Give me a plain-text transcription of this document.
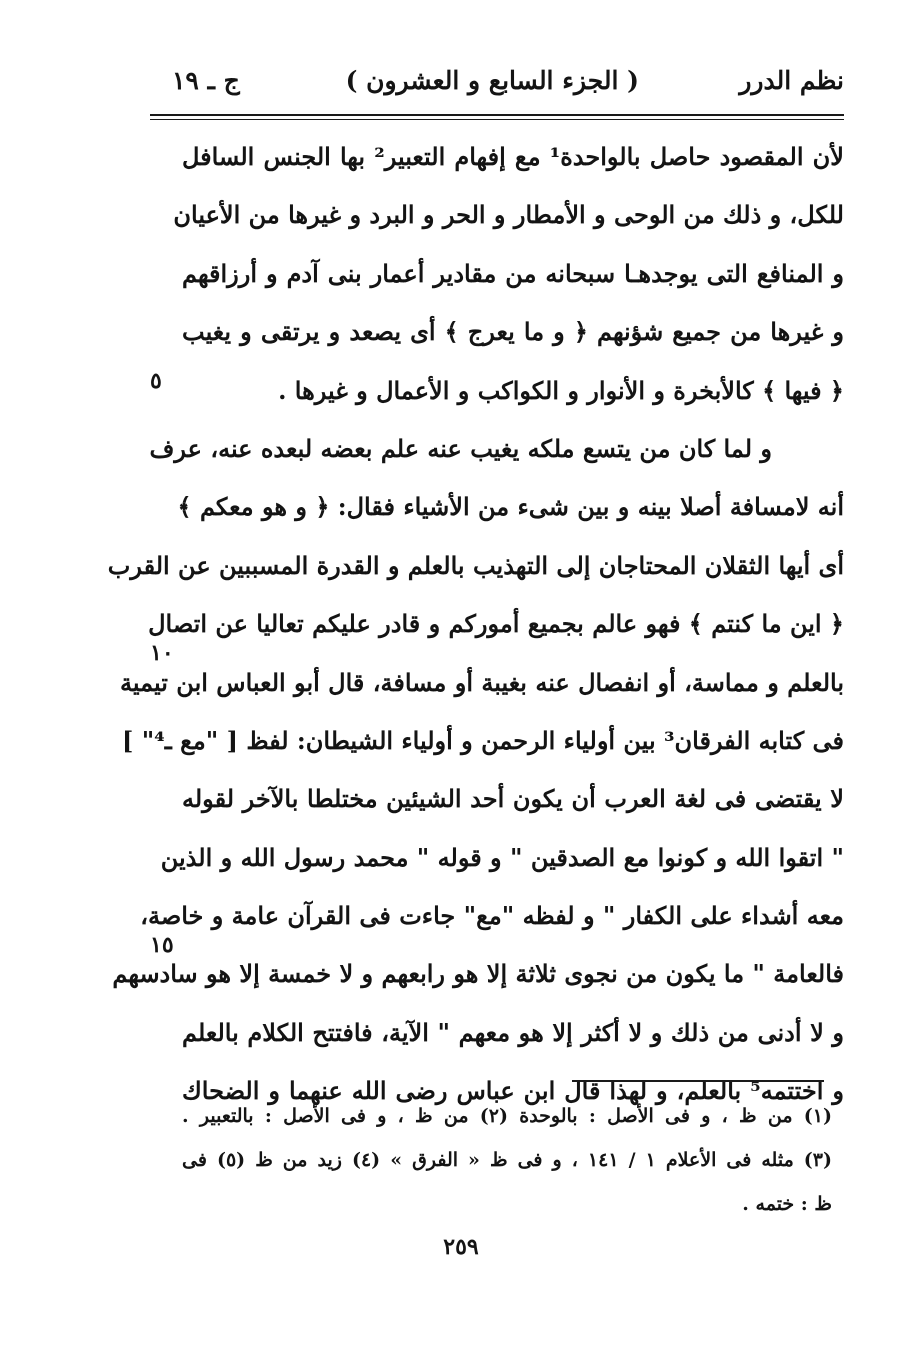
نظم الدرر
( الجزء السابع و العشرون )
ج ـ ١٩
لأن المقصود حاصل بالواحدة¹ مع إفهام التعبير² بها الجنس السافل
للكل، و ذلك من الوحى و الأمطار و الحر و البرد و غيرها من الأعيان
و المنافع التى يوجدهـا سبحانه من مقادير أعمار بنى آدم و أرزاقهم
و غيرها من جميع شؤنهم ﴿ و ما يعرج ﴾ أى يصعد و يرتقى و يغيب
﴿ فيها ﴾ كالأبخرة و الأنوار و الكواكب و الأعمال و غيرها .
و لما كان من يتسع ملكه يغيب عنه علم بعضه لبعده عنه، عرف
أنه لامسافة أصلا بينه و بين شىء من الأشياء فقال: ﴿ و هو معكم ﴾
أى أيها الثقلان المحتاجان إلى التهذيب بالعلم و القدرة المسببين عن القرب
﴿ اين ما كنتم ﴾ فهو عالم بجميع أموركم و قادر عليكم تعاليا عن اتصال
بالعلم و مماسة، أو انفصال عنه بغيبة أو مسافة، قال أبو العباس ابن تيمية
فى كتابه الفرقان³ بين أولياء الرحمن و أولياء الشيطان: لفظ [ "مع ـ⁴" ]
لا يقتضى فى لغة العرب أن يكون أحد الشيئين مختلطا بالآخر لقوله
" اتقوا الله و كونوا مع الصدقين " و قوله " محمد رسول الله و الذين
معه أشداء على الكفار " و لفظه "مع" جاءت فى القرآن عامة و خاصة،
فالعامة " ما يكون من نجوى ثلاثة إلا هو رابعهم و لا خمسة إلا هو سادسهم
و لا أدنى من ذلك و لا أكثر إلا هو معهم " الآية، فافتتح الكلام بالعلم
و اختتمه⁵ بالعلم، و لهذا قال ابن عباس رضى الله عنهما و الضحاك
٥
١٠
١٥
(١) من ظ ، و فى الأصل : بالوحدة (٢) من ظ ، و فى الأصل : بالتعبير .
(٣) مثله فى الأعلام ١ / ١٤١ ، و فى ظ « الفرق » (٤) زيد من ظ (٥) فى
ظ : ختمه .
٢٥٩
